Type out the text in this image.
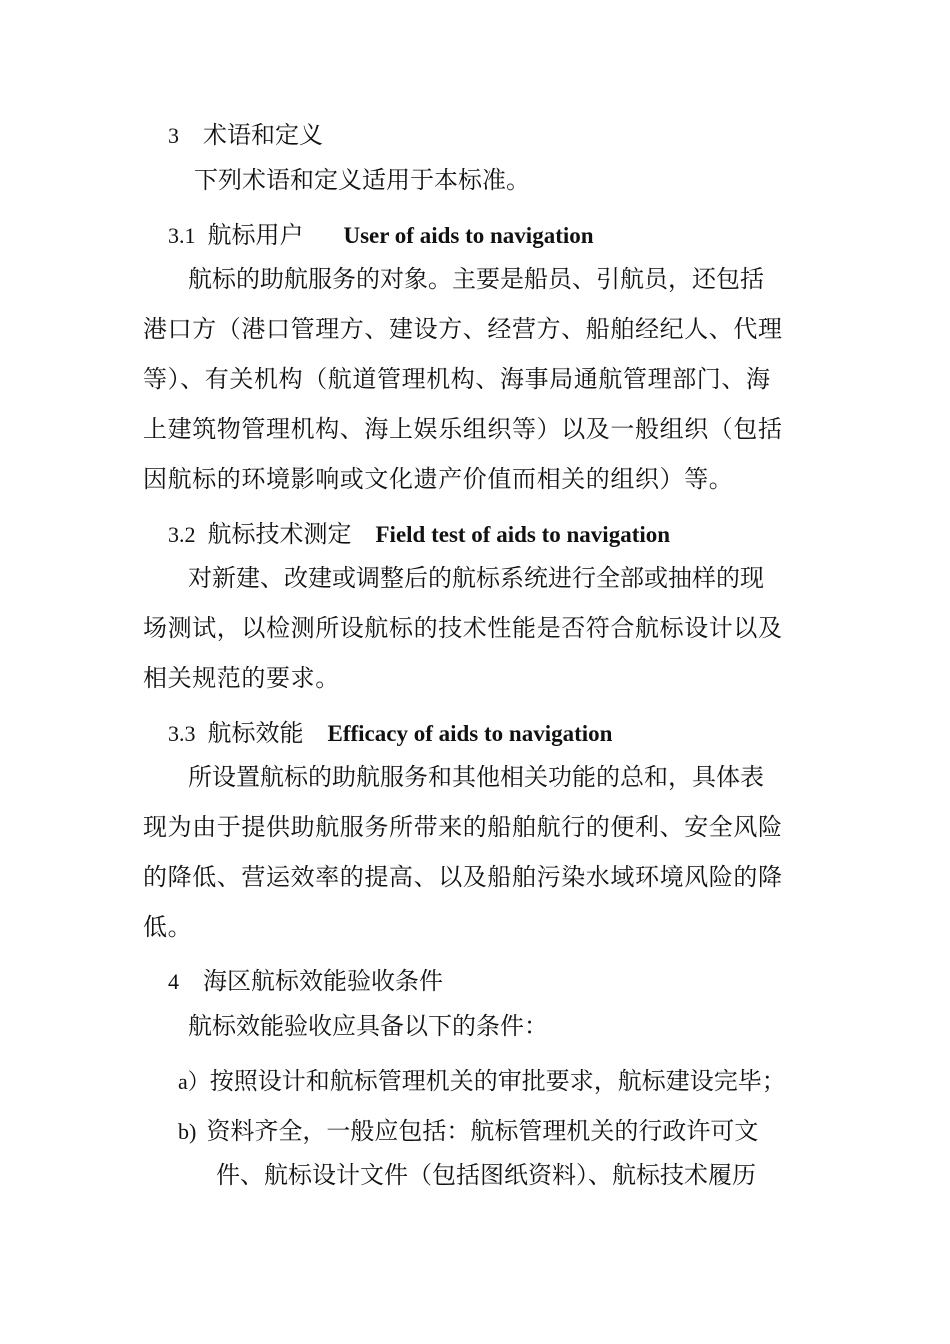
3 术语和定义
下列术语和定义适用于本标准。
3.1 航标用户 User of aids to navigation
航标的助航服务的对象。主要是船员、引航员，还包括
港口方（港口管理方、建设方、经营方、船舶经纪人、代理
等）、有关机构（航道管理机构、海事局通航管理部门、海
上建筑物管理机构、海上娱乐组织等）以及一般组织（包括
因航标的环境影响或文化遗产价值而相关的组织）等。
3.2 航标技术测定 Field test of aids to navigation
对新建、改建或调整后的航标系统进行全部或抽样的现
场测试，以检测所设航标的技术性能是否符合航标设计以及
相关规范的要求。
3.3 航标效能 Efficacy of aids to navigation
所设置航标的助航服务和其他相关功能的总和，具体表
现为由于提供助航服务所带来的船舶航行的便利、安全风险
的降低、营运效率的提高、以及船舶污染水域环境风险的降
低。
4 海区航标效能验收条件
航标效能验收应具备以下的条件：
a）按照设计和航标管理机关的审批要求，航标建设完毕；
b) 资料齐全，一般应包括：航标管理机关的行政许可文
件、航标设计文件（包括图纸资料）、航标技术履历
